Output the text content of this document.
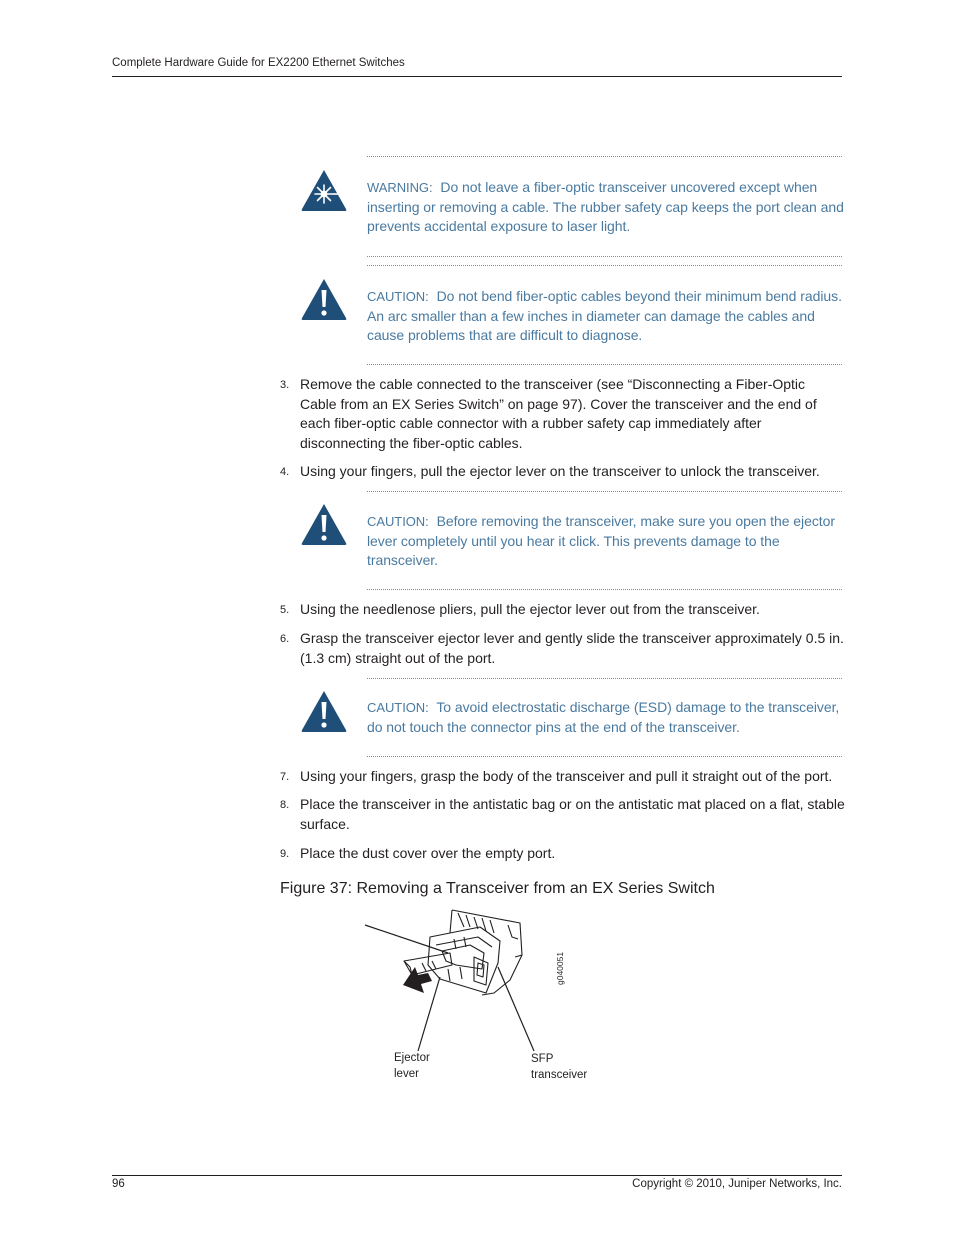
Complete Hardware Guide for EX2200 Ethernet Switches
WARNING: Do not leave a fiber-optic transceiver uncovered except when inserting or removing a cable. The rubber safety cap keeps the port clean and prevents accidental exposure to laser light.
CAUTION: Do not bend fiber-optic cables beyond their minimum bend radius. An arc smaller than a few inches in diameter can damage the cables and cause problems that are difficult to diagnose.
3. Remove the cable connected to the transceiver (see “Disconnecting a Fiber-Optic Cable from an EX Series Switch” on page 97). Cover the transceiver and the end of each fiber-optic cable connector with a rubber safety cap immediately after disconnecting the fiber-optic cables.
4. Using your fingers, pull the ejector lever on the transceiver to unlock the transceiver.
CAUTION: Before removing the transceiver, make sure you open the ejector lever completely until you hear it click. This prevents damage to the transceiver.
5. Using the needlenose pliers, pull the ejector lever out from the transceiver.
6. Grasp the transceiver ejector lever and gently slide the transceiver approximately 0.5 in. (1.3 cm) straight out of the port.
CAUTION: To avoid electrostatic discharge (ESD) damage to the transceiver, do not touch the connector pins at the end of the transceiver.
7. Using your fingers, grasp the body of the transceiver and pull it straight out of the port.
8. Place the transceiver in the antistatic bag or on the antistatic mat placed on a flat, stable surface.
9. Place the dust cover over the empty port.
Figure 37: Removing a Transceiver from an EX Series Switch
g040051
Ejector
lever
SFP
transceiver
96	Copyright © 2010, Juniper Networks, Inc.
